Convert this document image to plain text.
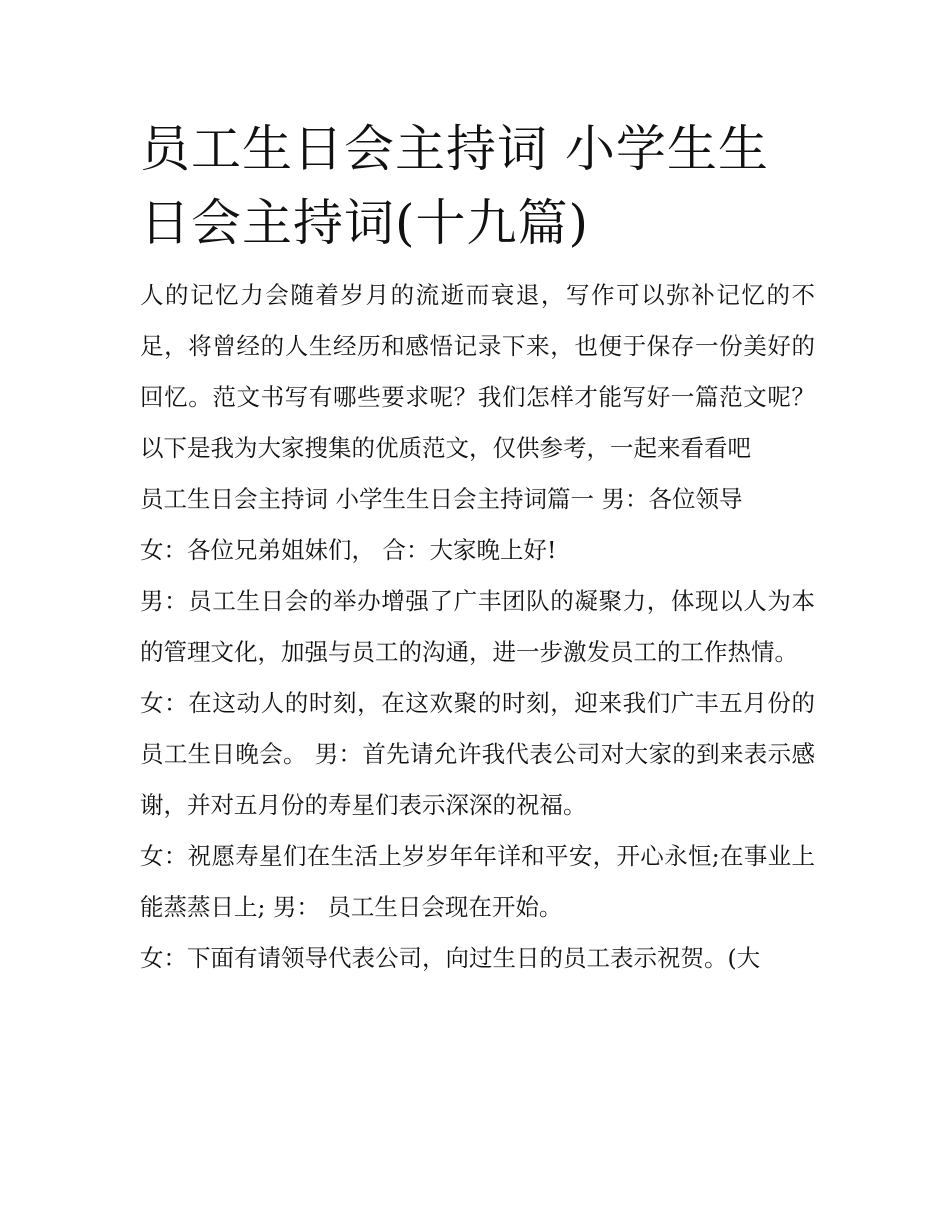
员工生日会主持词 小学生生日会主持词(十九篇)

人的记忆力会随着岁月的流逝而衰退，写作可以弥补记忆的不足，将曾经的人生经历和感悟记录下来，也便于保存一份美好的回忆。范文书写有哪些要求呢？我们怎样才能写好一篇范文呢？以下是我为大家搜集的优质范文，仅供参考，一起来看看吧

员工生日会主持词 小学生生日会主持词篇一 男：各位领导

女：各位兄弟姐妹们， 合：大家晚上好!

男：员工生日会的举办增强了广丰团队的凝聚力，体现以人为本的管理文化，加强与员工的沟通，进一步激发员工的工作热情。

女：在这动人的时刻，在这欢聚的时刻，迎来我们广丰五月份的员工生日晚会。 男：首先请允许我代表公司对大家的到来表示感谢，并对五月份的寿星们表示深深的祝福。

女：祝愿寿星们在生活上岁岁年年详和平安，开心永恒;在事业上能蒸蒸日上; 男： 员工生日会现在开始。

女：下面有请领导代表公司，向过生日的员工表示祝贺。(大
